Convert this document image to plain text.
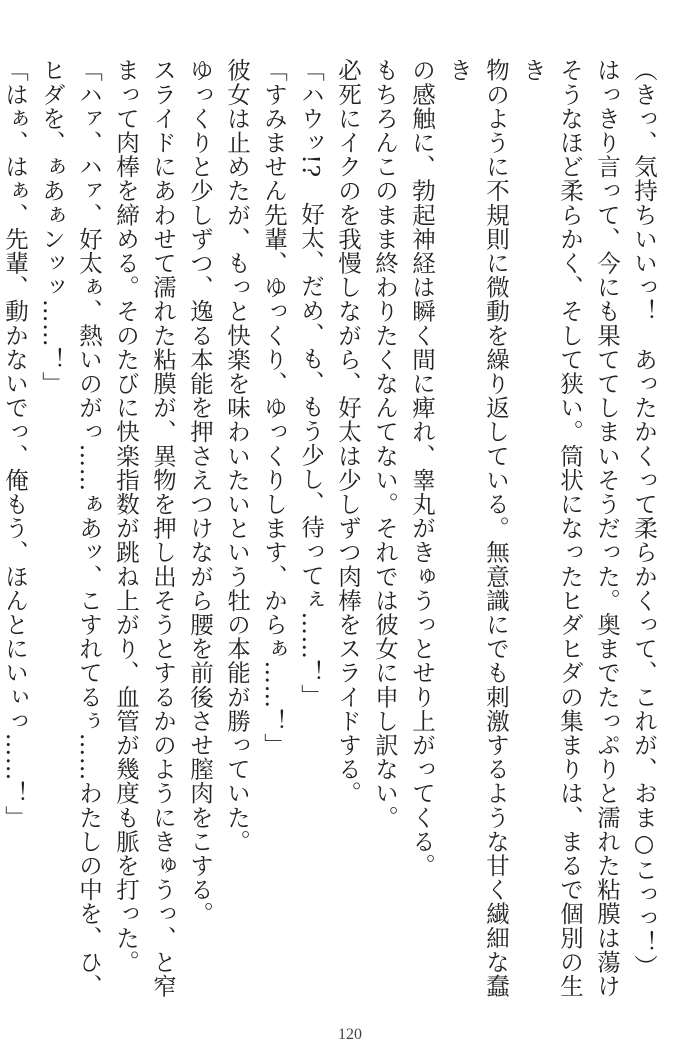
（きっ、気持ちいいっ！　あったかくって柔らかくって、これが、おま○こっっ！）

はっきり言って、今にも果ててしまいそうだった。奥までたっぷりと濡れた粘膜は蕩け

そうなほど柔らかく、そして狭い。筒状になったヒダヒダの集まりは、まるで個別の生き

物のように不規則に微動を繰り返している。無意識にでも刺激するような甘く繊細な蠢き

の感触に、勃起神経は瞬く間に痺れ、睾丸がきゅうっとせり上がってくる。

もちろんこのまま終わりたくなんてない。それでは彼女に申し訳ない。

必死にイクのを我慢しながら、好太は少しずつ肉棒をスライドする。

「ハウッ!?　好太、だめ、も、もう少し、待ってぇ……！」

「すみません先輩、ゆっくり、ゆっくりします、からぁ……！」

彼女は止めたが、もっと快楽を味わいたいという牡の本能が勝っていた。

ゆっくりと少しずつ、逸る本能を押さえつけながら腰を前後させ膣肉をこする。

スライドにあわせて濡れた粘膜が、異物を押し出そうとするかのようにきゅうっ、と窄

まって肉棒を締める。そのたびに快楽指数が跳ね上がり、血管が幾度も脈を打った。

「ハァ、ハァ、好太ぁ、熱いのがっ……ぁあッ、こすれてるぅ……わたしの中を、ひ、

ヒダを、ぁあぁンッッ……！」

「はぁ、はぁ、先輩、動かないでっ、俺もう、ほんとにいぃっ……！」

120
